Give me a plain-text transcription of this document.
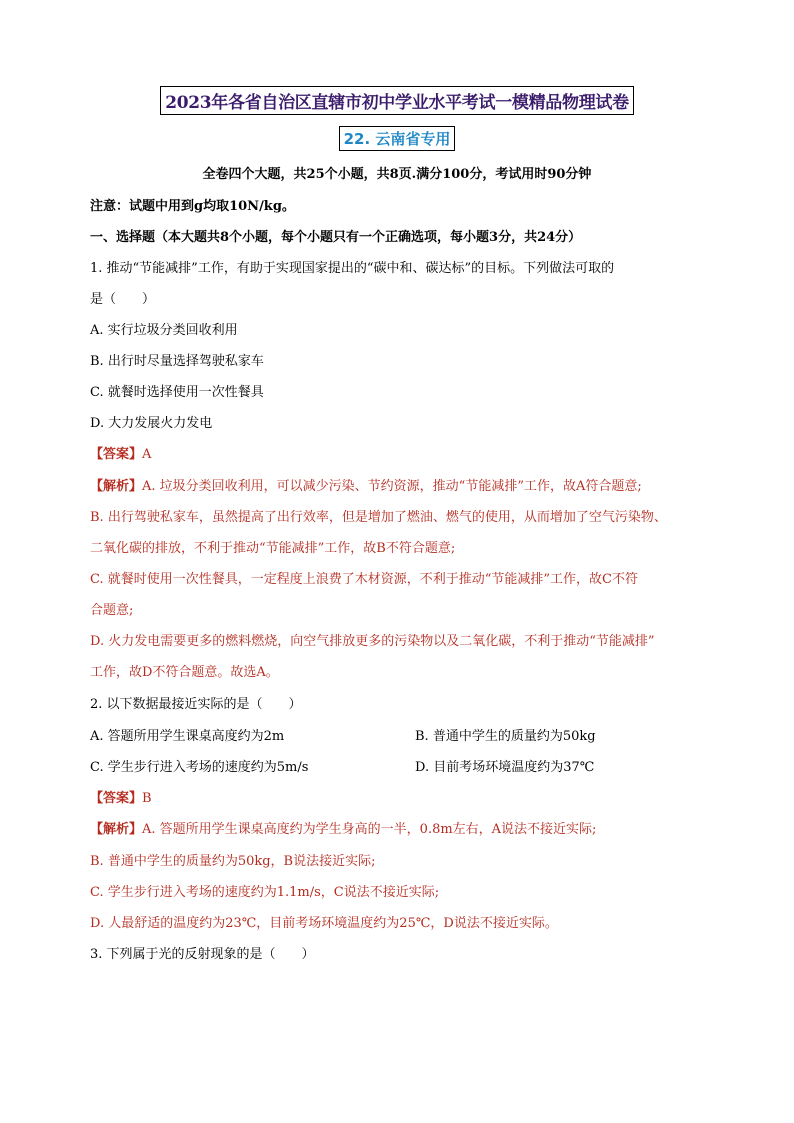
2023年各省自治区直辖市初中学业水平考试一模精品物理试卷
22. 云南省专用
全卷四个大题，共25个小题，共8页.满分100分，考试用时90分钟
注意：试题中用到g均取10N/kg。
一、选择题（本大题共8个小题，每个小题只有一个正确选项，每小题3分，共24分）
1. 推动“节能减排”工作，有助于实现国家提出的“碳中和、碳达标”的目标。下列做法可取的
是（　　）
A. 实行垃圾分类回收利用
B. 出行时尽量选择驾驶私家车
C. 就餐时选择使用一次性餐具
D. 大力发展火力发电
【答案】A
【解析】A. 垃圾分类回收利用，可以减少污染、节约资源，推动“节能减排”工作，故A符合题意;
B. 出行驾驶私家车，虽然提高了出行效率，但是增加了燃油、燃气的使用，从而增加了空气污染物、
二氧化碳的排放，不利于推动“节能减排”工作，故B不符合题意;
C. 就餐时使用一次性餐具，一定程度上浪费了木材资源，不利于推动“节能减排”工作，故C不符
合题意;
D. 火力发电需要更多的燃料燃烧，向空气排放更多的污染物以及二氧化碳，不利于推动“节能减排”
工作，故D不符合题意。故选A。
2. 以下数据最接近实际的是（　　）
A. 答题所用学生课桌高度约为2m	B. 普通中学生的质量约为50kg
C. 学生步行进入考场的速度约为5m/s	D. 目前考场环境温度约为37℃
【答案】B
【解析】A. 答题所用学生课桌高度约为学生身高的一半，0.8m左右，A说法不接近实际;
B. 普通中学生的质量约为50kg，B说法接近实际;
C. 学生步行进入考场的速度约为1.1m/s，C说法不接近实际;
D. 人最舒适的温度约为23℃，目前考场环境温度约为25℃，D说法不接近实际。
3. 下列属于光的反射现象的是（　　）
